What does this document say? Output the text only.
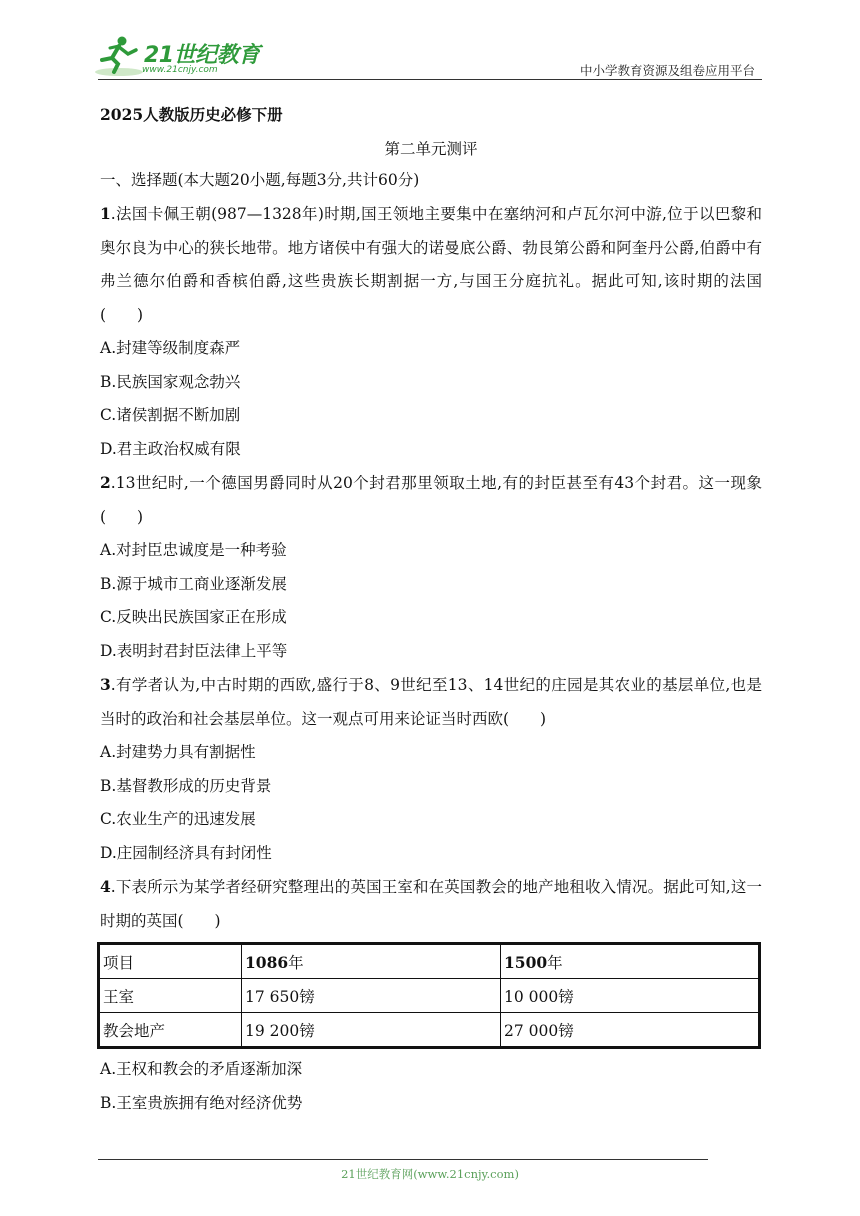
21世纪教育
www.21cnjy.com	中小学教育资源及组卷应用平台
2025人教版历史必修下册
第二单元测评
一、选择题(本大题20小题,每题3分,共计60分)
1.法国卡佩王朝(987—1328年)时期,国王领地主要集中在塞纳河和卢瓦尔河中游,位于以巴黎和奥尔良为中心的狭长地带。地方诸侯中有强大的诺曼底公爵、勃艮第公爵和阿奎丹公爵,伯爵中有弗兰德尔伯爵和香槟伯爵,这些贵族长期割据一方,与国王分庭抗礼。据此可知,该时期的法国(　　)
A.封建等级制度森严
B.民族国家观念勃兴
C.诸侯割据不断加剧
D.君主政治权威有限
2.13世纪时,一个德国男爵同时从20个封君那里领取土地,有的封臣甚至有43个封君。这一现象(　　)
A.对封臣忠诚度是一种考验
B.源于城市工商业逐渐发展
C.反映出民族国家正在形成
D.表明封君封臣法律上平等
3.有学者认为,中古时期的西欧,盛行于8、9世纪至13、14世纪的庄园是其农业的基层单位,也是当时的政治和社会基层单位。这一观点可用来论证当时西欧(　　)
A.封建势力具有割据性
B.基督教形成的历史背景
C.农业生产的迅速发展
D.庄园制经济具有封闭性
4.下表所示为某学者经研究整理出的英国王室和在英国教会的地产地租收入情况。据此可知,这一时期的英国(　　)
项目	1086年	1500年
王室	17 650镑	10 000镑
教会地产	19 200镑	27 000镑
A.王权和教会的矛盾逐渐加深
B.王室贵族拥有绝对经济优势
21世纪教育网(www.21cnjy.com)
